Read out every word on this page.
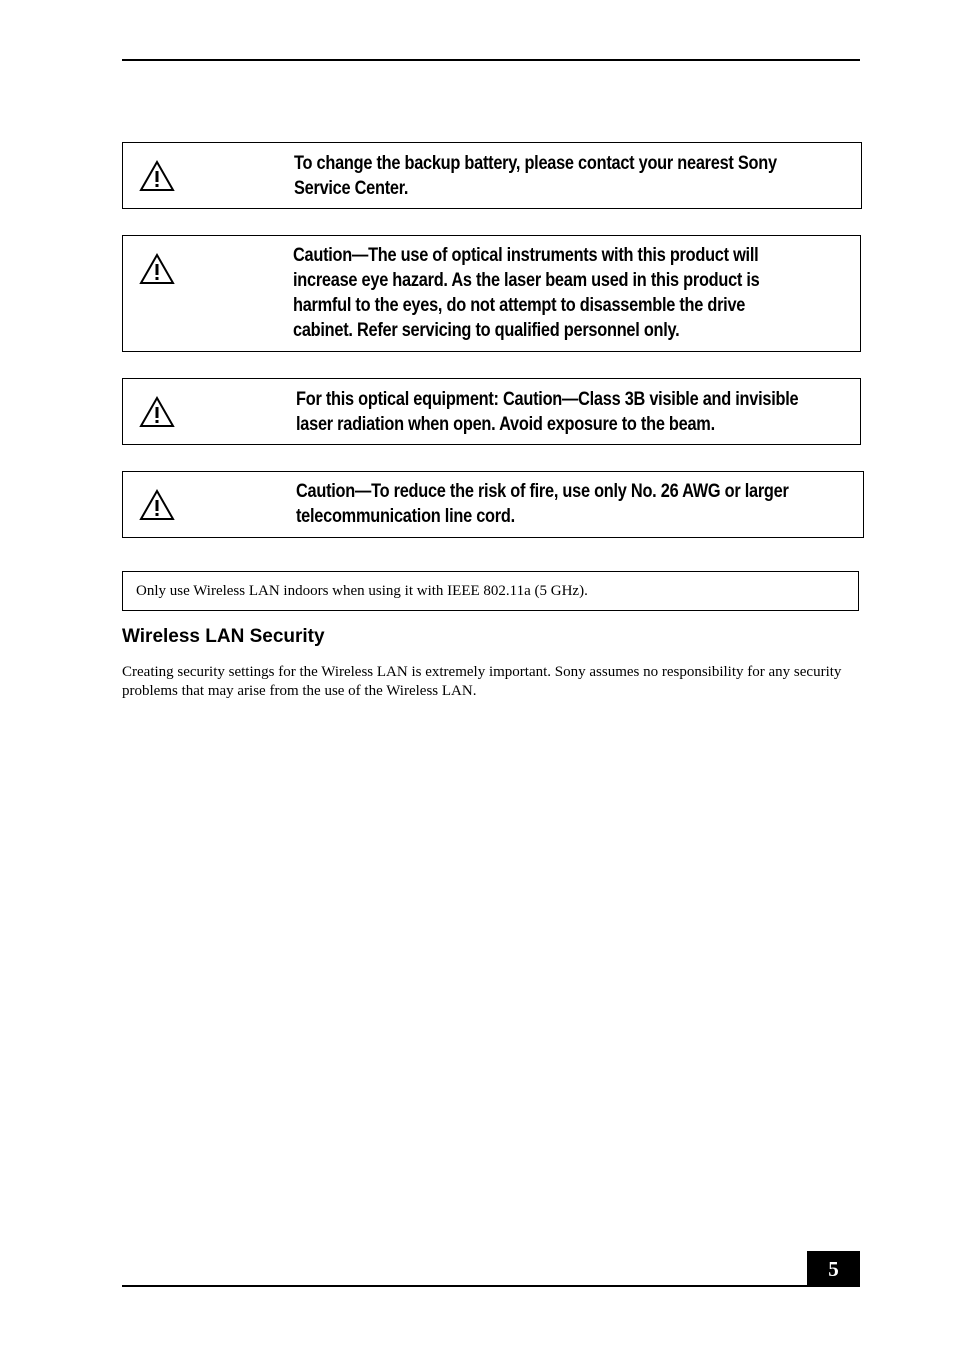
To change the backup battery, please contact your nearest Sony
Service Center.
Caution—The use of optical instruments with this product will
increase eye hazard. As the laser beam used in this product is
harmful to the eyes, do not attempt to disassemble the drive
cabinet. Refer servicing to qualified personnel only.
For this optical equipment: Caution—Class 3B visible and invisible
laser radiation when open. Avoid exposure to the beam.
Caution—To reduce the risk of fire, use only No. 26 AWG or larger
telecommunication line cord.
Only use Wireless LAN indoors when using it with IEEE 802.11a (5 GHz).
Wireless LAN Security
Creating security settings for the Wireless LAN is extremely important. Sony assumes no responsibility for any security problems that may arise from the use of the Wireless LAN.
5
